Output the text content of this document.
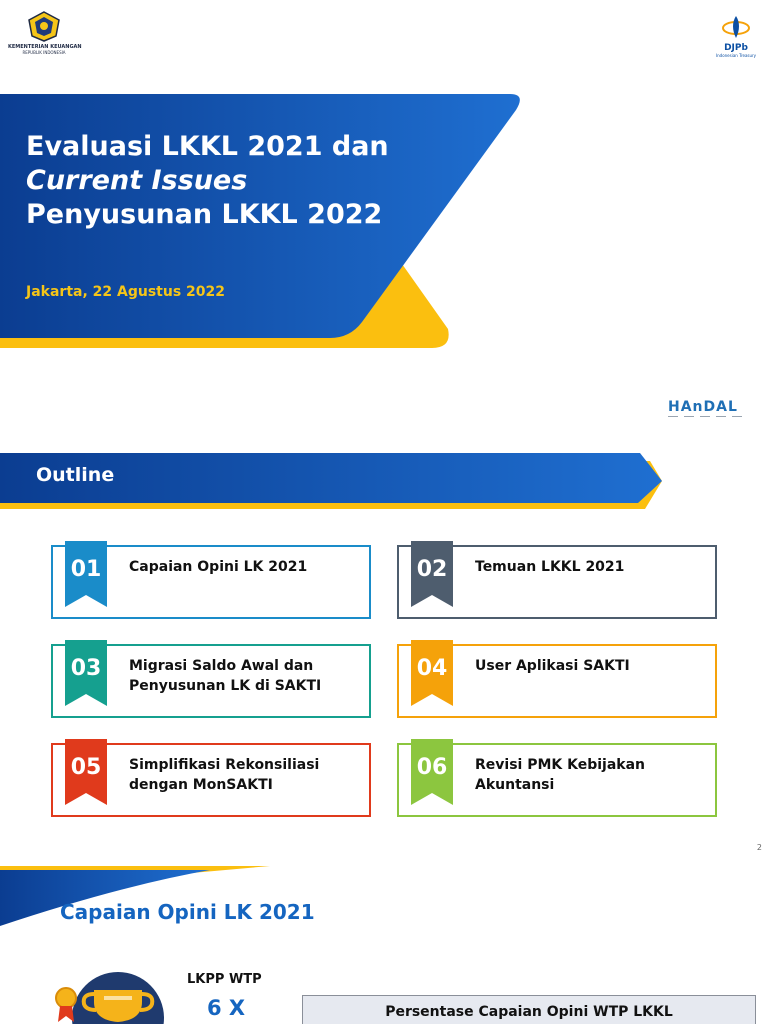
KEMENTERIAN KEUANGAN
REPUBLIK INDONESIA	DJPb
Indonesian Treasury
Evaluasi LKKL 2021 dan
Current Issues
Penyusunan LKKL 2022
Jakarta, 22 Agustus 2022
HAnDAL
Outline
01	Capaian Opini LK 2021	02	Temuan LKKL 2021
03	Migrasi Saldo Awal dan
Penyusunan LK di SAKTI
04	User Aplikasi SAKTI
05	Simplifikasi Rekonsiliasi
dengan MonSAKTI
06	Revisi PMK Kebijakan
Akuntansi
2
Capaian Opini LK 2021
LKPP WTP
6 X	Persentase Capaian Opini WTP LKKL
